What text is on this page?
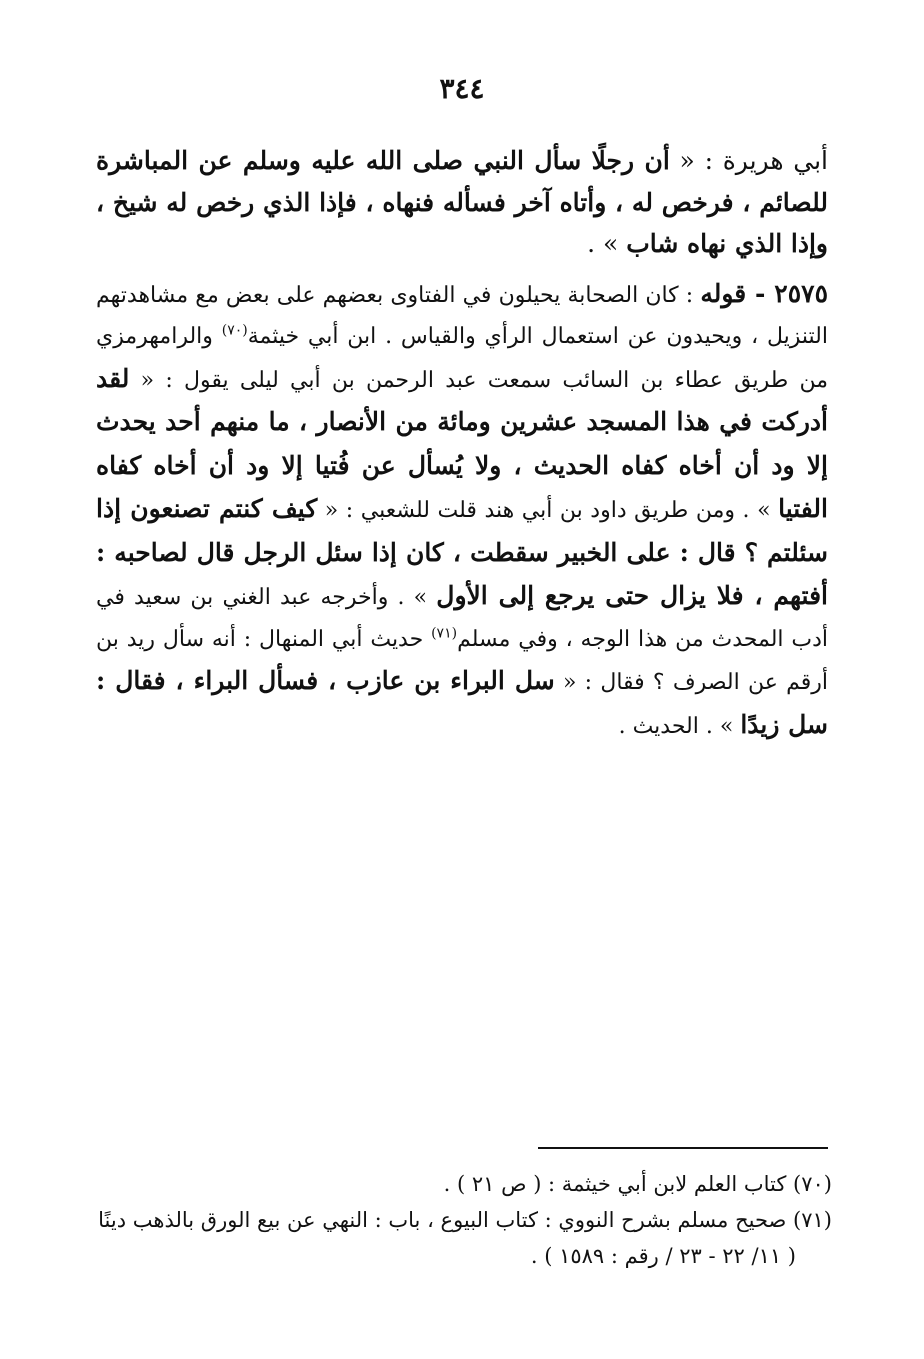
٣٤٤

أبي هريرة : « أن رجلًا سأل النبي صلى الله عليه وسلم عن المباشرة للصائم ، فرخص له ، وأتاه آخر فسأله فنهاه ، فإذا الذي رخص له شيخ ، وإذا الذي نهاه شاب » .

٢٥٧٥ - قوله : كان الصحابة يحيلون في الفتاوى بعضهم على بعض مع مشاهدتهم التنزيل ، ويحيدون عن استعمال الرأي والقياس . ابن أبي خيثمة$^{(٧٠)}$ والرامهرمزي من طريق عطاء بن السائب سمعت عبد الرحمن بن أبي ليلى يقول : « لقد أدركت في هذا المسجد عشرين ومائة من الأنصار ، ما منهم أحد يحدث إلا ود أن أخاه كفاه الحديث ، ولا يُسأل عن فُتيا إلا ود أن أخاه كفاه الفتيا » . ومن طريق داود بن أبي هند قلت للشعبي : « كيف كنتم تصنعون إذا سئلتم ؟ قال : على الخبير سقطت ، كان إذا سئل الرجل قال لصاحبه : أفتهم ، فلا يزال حتى يرجع إلى الأول » . وأخرجه عبد الغني بن سعيد في أدب المحدث من هذا الوجه ، وفي مسلم$^{(٧١)}$ حديث أبي المنهال : أنه سأل ريد بن أرقم عن الصرف ؟ فقال : « سل البراء بن عازب ، فسأل البراء ، فقال : سل زيدًا » . الحديث .

(٧٠) كتاب العلم لابن أبي خيثمة : ( ص ٢١ ) .

(٧١) صحيح مسلم بشرح النووي : كتاب البيوع ، باب : النهي عن بيع الورق بالذهب دينًا

( ١١/ ٢٢ - ٢٣ / رقم : ١٥٨٩ ) .
